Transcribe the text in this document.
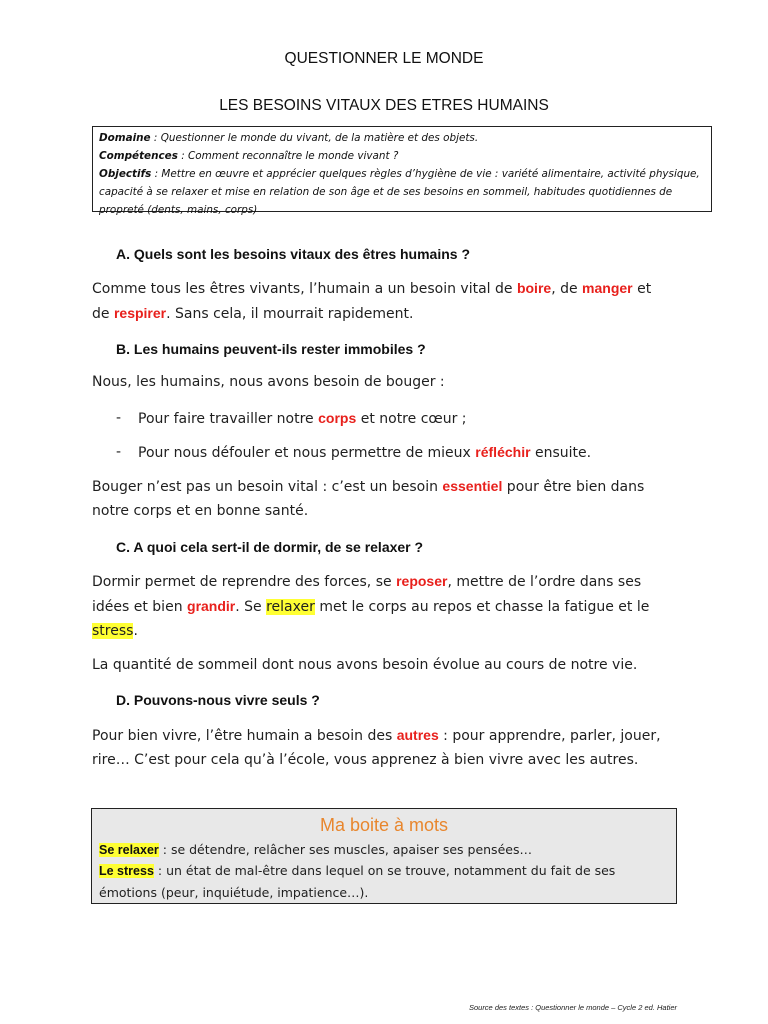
QUESTIONNER LE MONDE
LES BESOINS VITAUX DES ETRES HUMAINS
Domaine : Questionner le monde du vivant, de la matière et des objets.
Compétences : Comment reconnaître le monde vivant ?
Objectifs : Mettre en œuvre et apprécier quelques règles d’hygiène de vie : variété alimentaire, activité physique,
capacité à se relaxer et mise en relation de son âge et de ses besoins en sommeil, habitudes quotidiennes de
propreté (dents, mains, corps)
A. Quels sont les besoins vitaux des êtres humains ?
Comme tous les êtres vivants, l’humain a un besoin vital de boire, de manger et
de respirer. Sans cela, il mourrait rapidement.
B. Les humains peuvent-ils rester immobiles ?
Nous, les humains, nous avons besoin de bouger :
- Pour faire travailler notre corps et notre cœur ;
- Pour nous défouler et nous permettre de mieux réfléchir ensuite.
Bouger n’est pas un besoin vital : c’est un besoin essentiel pour être bien dans
notre corps et en bonne santé.
C. A quoi cela sert-il de dormir, de se relaxer ?
Dormir permet de reprendre des forces, se reposer, mettre de l’ordre dans ses
idées et bien grandir. Se relaxer met le corps au repos et chasse la fatigue et le
stress.
La quantité de sommeil dont nous avons besoin évolue au cours de notre vie.
D. Pouvons-nous vivre seuls ?
Pour bien vivre, l’être humain a besoin des autres : pour apprendre, parler, jouer,
rire… C’est pour cela qu’à l’école, vous apprenez à bien vivre avec les autres.
Ma boite à mots
Se relaxer : se détendre, relâcher ses muscles, apaiser ses pensées…
Le stress : un état de mal-être dans lequel on se trouve, notamment du fait de ses
émotions (peur, inquiétude, impatience…).
Source des textes : Questionner le monde – Cycle 2 ed. Hatier
